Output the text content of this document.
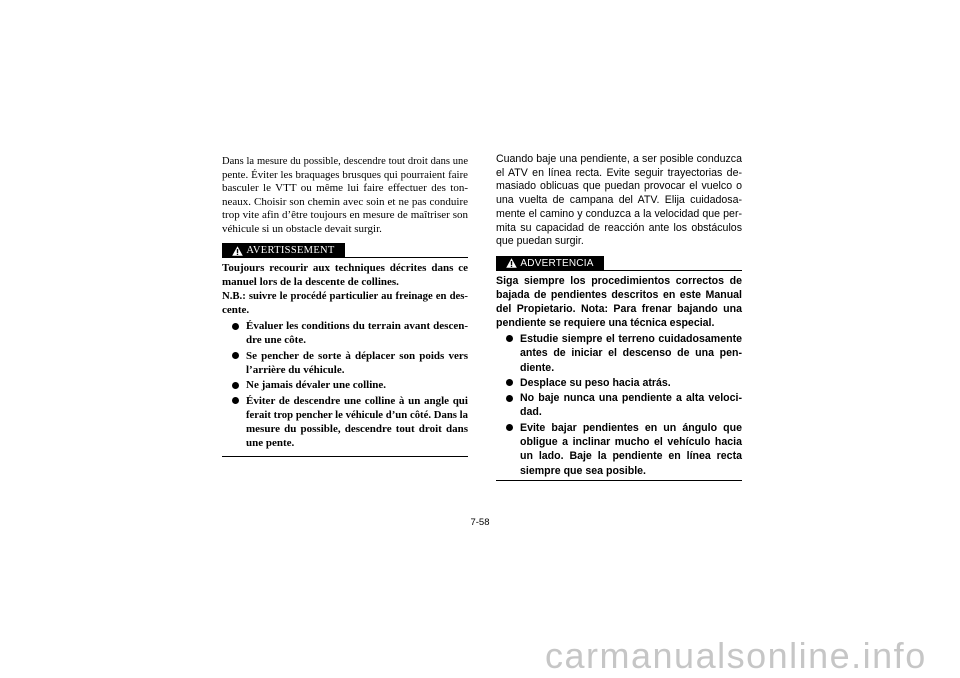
Dans la mesure du possible, descendre tout droit dans une
pente. Éviter les braquages brusques qui pourraient faire
basculer le VTT ou même lui faire effectuer des ton-
neaux. Choisir son chemin avec soin et ne pas conduire
trop vite afin d’être toujours en mesure de maîtriser son
véhicule si un obstacle devait surgir.
AVERTISSEMENT
Toujours recourir aux techniques décrites dans ce
manuel lors de la descente de collines.
N.B.: suivre le procédé particulier au freinage en des-
cente.
Évaluer les conditions du terrain avant descen-
dre une côte.
Se pencher de sorte à déplacer son poids vers
l’arrière du véhicule.
Ne jamais dévaler une colline.
Éviter de descendre une colline à un angle qui
ferait trop pencher le véhicule d’un côté. Dans la
mesure du possible, descendre tout droit dans
une pente.
Cuando baje una pendiente, a ser posible conduzca
el ATV en línea recta. Evite seguir trayectorias de-
masiado oblicuas que puedan provocar el vuelco o
una vuelta de campana del ATV. Elija cuidadosa-
mente el camino y conduzca a la velocidad que per-
mita su capacidad de reacción ante los obstáculos
que puedan surgir.
ADVERTENCIA
Siga siempre los procedimientos correctos de
bajada de pendientes descritos en este Manual
del Propietario. Nota: Para frenar bajando una
pendiente se requiere una técnica especial.
Estudie siempre el terreno cuidadosamente
antes de iniciar el descenso de una pen-
diente.
Desplace su peso hacia atrás.
No baje nunca una pendiente a alta veloci-
dad.
Evite bajar pendientes en un ángulo que
obligue a inclinar mucho el vehículo hacia
un lado. Baje la pendiente en línea recta
siempre que sea posible.
7-58
carmanualsonline.info
